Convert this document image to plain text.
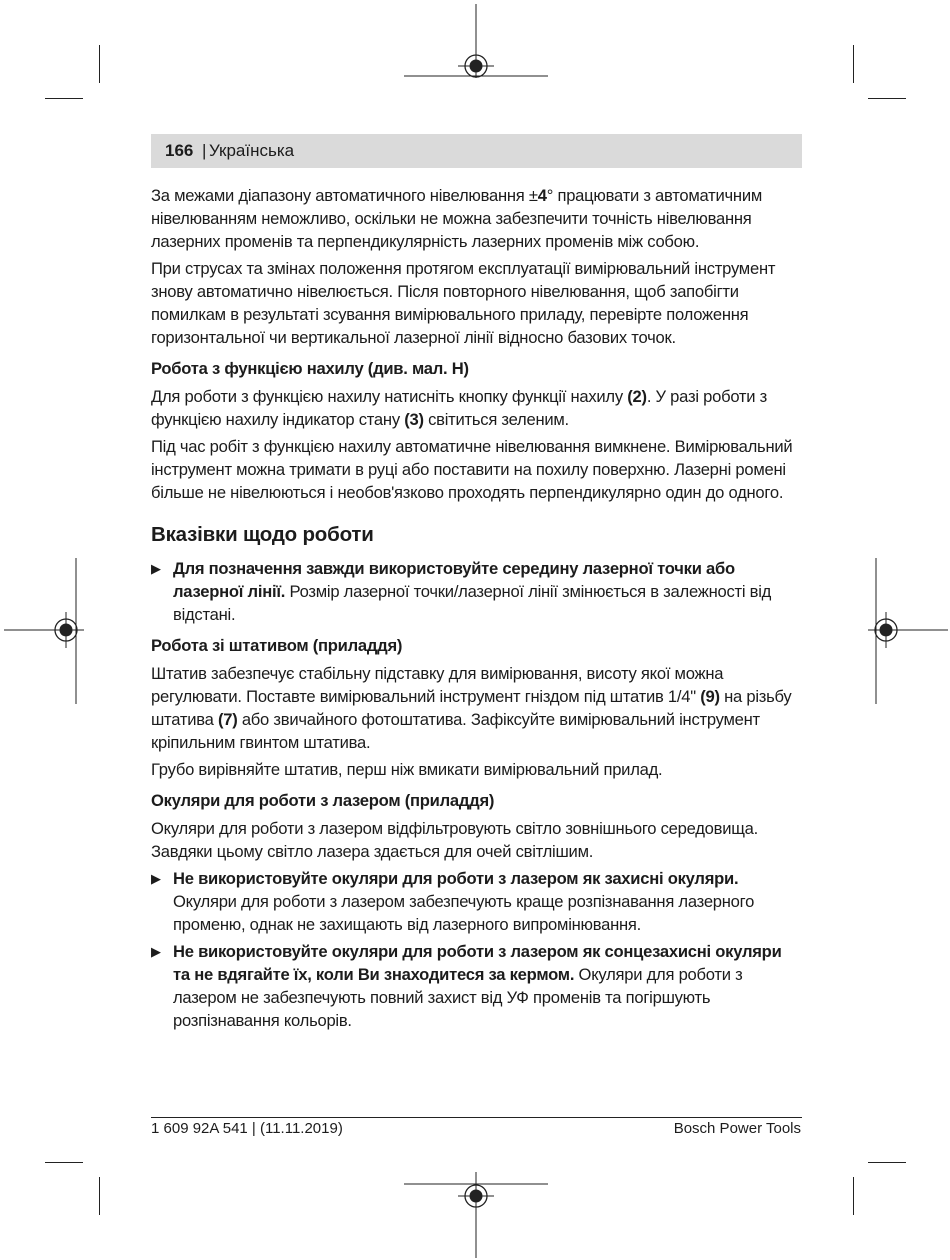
166 | Українська

За межами діапазону автоматичного нівелювання ±4° працювати з автоматичним нівелюванням неможливо, оскільки не можна забезпечити точність нівелювання лазерних променів та перпендикулярність лазерних променів між собою.

При струсах та змінах положення протягом експлуатації вимірювальний інструмент знову автоматично нівелюється. Після повторного нівелювання, щоб запобігти помилкам в результаті зсування вимірювального приладу, перевірте положення горизонтальної чи вертикальної лазерної лінії відносно базових точок.

Робота з функцією нахилу (див. мал. H)

Для роботи з функцією нахилу натисніть кнопку функції нахилу (2). У разі роботи з функцією нахилу індикатор стану (3) світиться зеленим.

Під час робіт з функцією нахилу автоматичне нівелювання вимкнене. Вимірювальний інструмент можна тримати в руці або поставити на похилу поверхню. Лазерні ромені більше не нівелюються і необов'язково проходять перпендикулярно один до одного.

Вказівки щодо роботи

▶ Для позначення завжди використовуйте середину лазерної точки або лазерної лінії. Розмір лазерної точки/лазерної лінії змінюється в залежності від відстані.

Робота зі штативом (приладдя)

Штатив забезпечує стабільну підставку для вимірювання, висоту якої можна регулювати. Поставте вимірювальний інструмент гніздом під штатив 1/4" (9) на різьбу штатива (7) або звичайного фотоштатива. Зафіксуйте вимірювальний інструмент кріпильним гвинтом штатива.

Грубо вирівняйте штатив, перш ніж вмикати вимірювальний прилад.

Окуляри для роботи з лазером (приладдя)

Окуляри для роботи з лазером відфільтровують світло зовнішнього середовища. Завдяки цьому світло лазера здається для очей світлішим.

▶ Не використовуйте окуляри для роботи з лазером як захисні окуляри. Окуляри для роботи з лазером забезпечують краще розпізнавання лазерного променю, однак не захищають від лазерного випромінювання.
▶ Не використовуйте окуляри для роботи з лазером як сонцезахисні окуляри та не вдягайте їх, коли Ви знаходитеся за кермом. Окуляри для роботи з лазером не забезпечують повний захист від УФ променів та погіршують розпізнавання кольорів.
1 609 92A 541 | (11.11.2019)	Bosch Power Tools
